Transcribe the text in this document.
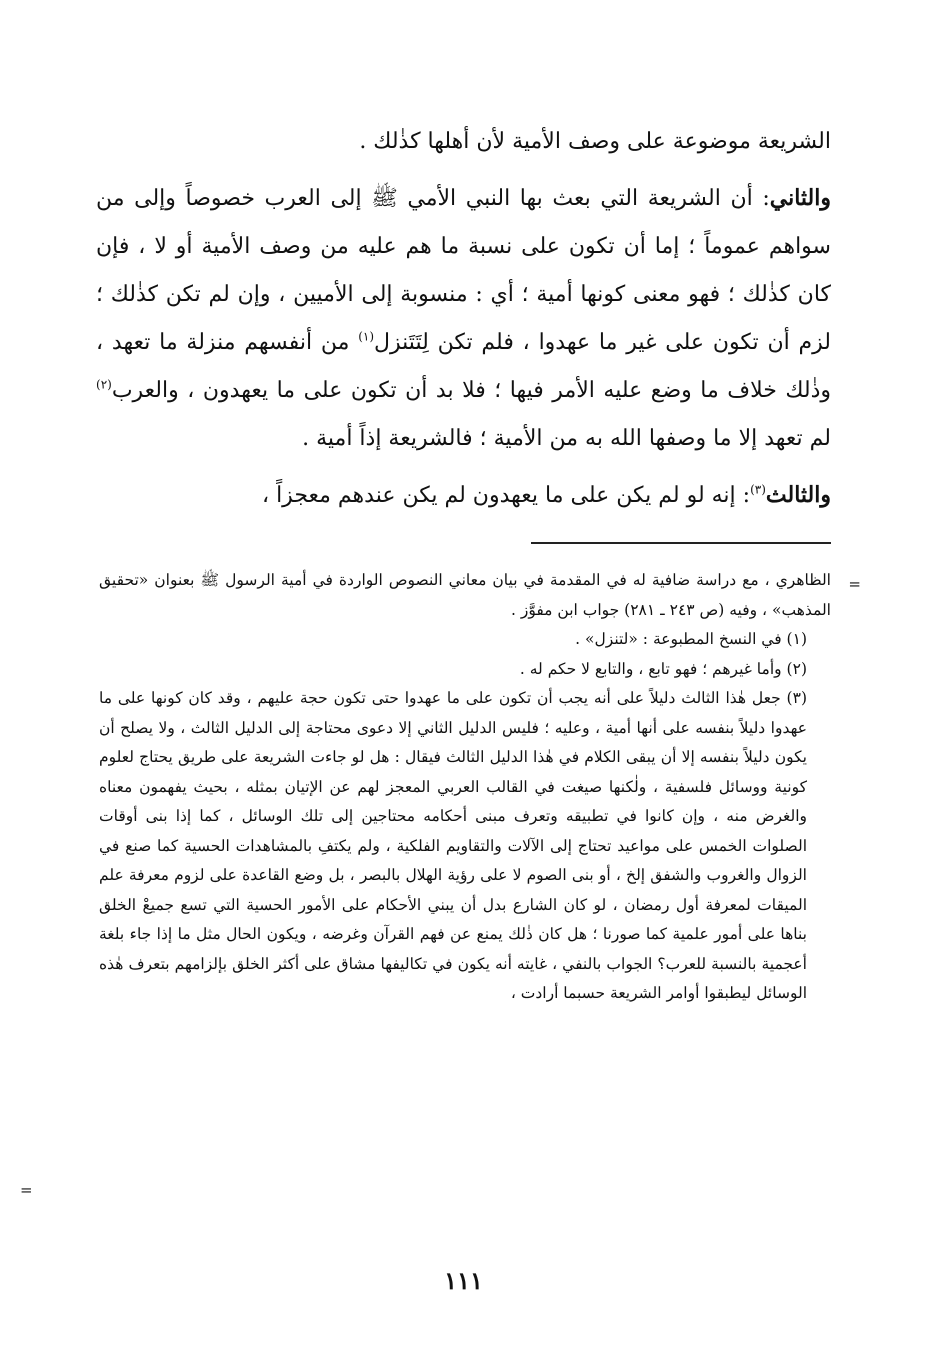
الشريعة موضوعة على وصف الأمية لأن أهلها كذٰلك .

والثاني: أن الشريعة التي بعث بها النبي الأمي ﷺ إلى العرب خصوصاً وإلى من سواهم عموماً ؛ إما أن تكون على نسبة ما هم عليه من وصف الأمية أو لا ، فإن كان كذٰلك ؛ فهو معنى كونها أمية ؛ أي : منسوبة إلى الأميين ، وإن لم تكن كذٰلك ؛ لزم أن تكون على غير ما عهدوا ، فلم تكن لِتَتَنزل$^{(١)}$ من أنفسهم منزلة ما تعهد ، وذٰلك خلاف ما وضع عليه الأمر فيها ؛ فلا بد أن تكون على ما يعهدون ، والعرب$^{(٢)}$ لم تعهد إلا ما وصفها الله به من الأمية ؛ فالشريعة إذاً أمية .

والثالث$^{(٣)}$: إنه لو لم يكن على ما يعهدون لم يكن عندهم معجزاً ،

=
الظاهري ، مع دراسة ضافية له في المقدمة في بيان معاني النصوص الواردة في أمية الرسول ﷺ بعنوان «تحقيق المذهب» ، وفيه (ص ٢٤٣ ـ ٢٨١) جواب ابن مفوَّز .

(١) في النسخ المطبوعة : «لتنزل» .

(٢) وأما غيرهم ؛ فهو تابع ، والتابع لا حكم له .

(٣) جعل هٰذا الثالث دليلاً على أنه يجب أن تكون على ما عهدوا حتى تكون حجة عليهم ، وقد كان كونها على ما عهدوا دليلاً بنفسه على أنها أمية ، وعليه ؛ فليس الدليل الثاني إلا دعوى محتاجة إلى الدليل الثالث ، ولا يصلح أن يكون دليلاً بنفسه إلا أن يبقى الكلام في هٰذا الدليل الثالث فيقال : هل لو جاءت الشريعة على طريق يحتاج لعلوم كونية ووسائل فلسفية ، ولٰكنها صيغت في القالب العربي المعجز لهم عن الإتيان بمثله ، بحيث يفهمون معناه والغرض منه ، وإن كانوا في تطبيقه وتعرف مبنى أحكامه محتاجين إلى تلك الوسائل ، كما إذا بنى أوقات الصلوات الخمس على مواعيد تحتاج إلى الآلات والتقاويم الفلكية ، ولم يكتفِ بالمشاهدات الحسية كما صنع في الزوال والغروب والشفق إلخ ، أو بنى الصوم لا على رؤية الهلال بالبصر ، بل وضع القاعدة على لزوم معرفة علم الميقات لمعرفة أول رمضان ، لو كان الشارع بدل أن يبني الأحكام على الأمور الحسية التي تسع جميعْ الخلق بناها على أمور علمية كما صورنا ؛ هل كان ذٰلك يمنع عن فهم القرآن وغرضه ، ويكون الحال مثل ما إذا جاء بلغة أعجمية بالنسبة للعرب؟ الجواب بالنفي ، غايته أنه يكون في تكاليفها مشاق على أكثر الخلق بإلزامهم بتعرف هٰذه الوسائل ليطبقوا أوامر الشريعة حسبما أرادت ،

=
١١١
